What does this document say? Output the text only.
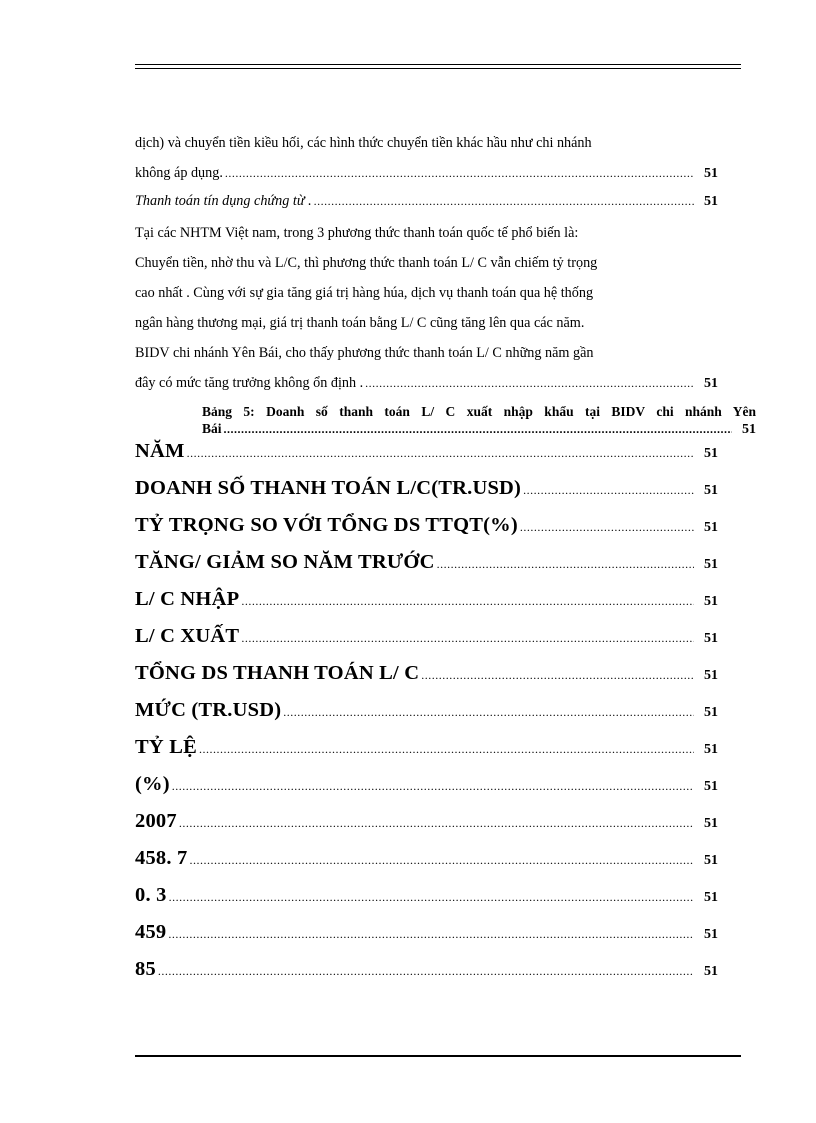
dịch) và chuyển tiền kiều hối, các hình thức chuyển tiền khác hầu như chi nhánh
không áp dụng. .....	51
Thanh toán tín dụng chứng từ . .....	51
Tại các NHTM Việt nam, trong 3 phương thức thanh toán quốc tế phổ biến là:
Chuyển tiền, nhờ thu và L/C, thì phương thức thanh toán L/ C vẫn chiếm tỷ trọng
cao nhất . Cùng với sự gia tăng giá trị hàng húa, dịch vụ thanh toán qua hệ thống
ngân hàng thương mại, giá trị thanh toán bằng L/ C cũng tăng lên qua các năm.
BIDV chi nhánh Yên Bái, cho thấy phương thức thanh toán L/ C những năm gần
đây có mức tăng trưởng không ổn định . .....	51
Bảng 5: Doanh số thanh toán L/ C xuất nhập khẩu tại BIDV chi nhánh Yên
Bái .....	51
NĂM .....	51
DOANH SỐ THANH TOÁN L/C(TR.USD) .....	51
TỶ TRỌNG SO VỚI TỔNG DS TTQT(%) .....	51
TĂNG/ GIẢM SO NĂM TRƯỚC .....	51
L/ C NHẬP .....	51
L/ C XUẤT .....	51
TỔNG DS THANH TOÁN L/ C .....	51
MỨC (TR.USD) .....	51
TỶ LỆ .....	51
(%) .....	51
2007 .....	51
458. 7 .....	51
0. 3 .....	51
459 .....	51
85 .....	51
